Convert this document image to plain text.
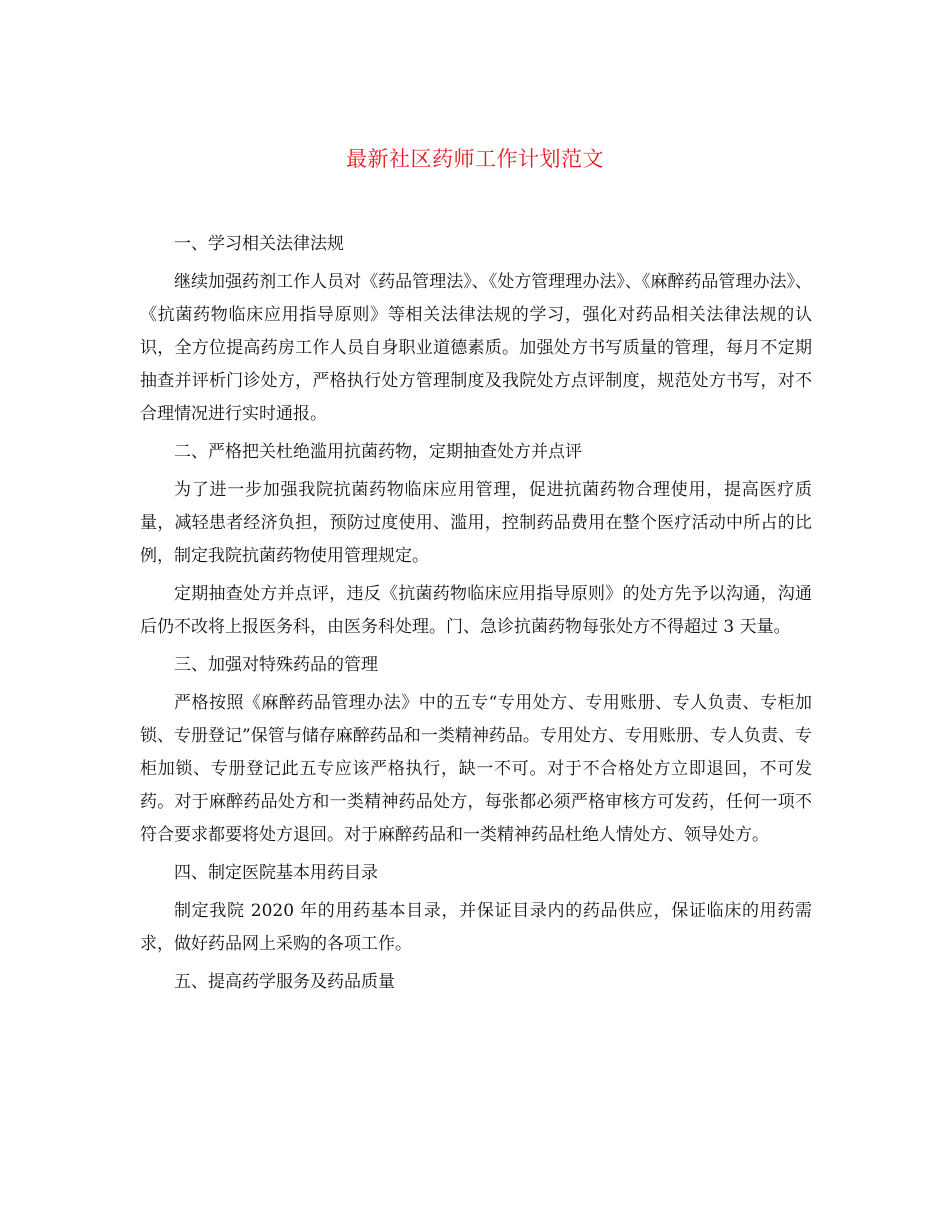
最新社区药师工作计划范文

一、学习相关法律法规

继续加强药剂工作人员对《药品管理法》、《处方管理理办法》、《麻醉药品管理办法》、《抗菌药物临床应用指导原则》等相关法律法规的学习，强化对药品相关法律法规的认识，全方位提高药房工作人员自身职业道德素质。加强处方书写质量的管理，每月不定期抽查并评析门诊处方，严格执行处方管理制度及我院处方点评制度，规范处方书写，对不合理情况进行实时通报。

二、严格把关杜绝滥用抗菌药物，定期抽查处方并点评

为了进一步加强我院抗菌药物临床应用管理，促进抗菌药物合理使用，提高医疗质量，减轻患者经济负担，预防过度使用、滥用，控制药品费用在整个医疗活动中所占的比例，制定我院抗菌药物使用管理规定。

定期抽查处方并点评，违反《抗菌药物临床应用指导原则》的处方先予以沟通，沟通后仍不改将上报医务科，由医务科处理。门、急诊抗菌药物每张处方不得超过 3 天量。

三、加强对特殊药品的管理

严格按照《麻醉药品管理办法》中的五专“专用处方、专用账册、专人负责、专柜加锁、专册登记”保管与储存麻醉药品和一类精神药品。专用处方、专用账册、专人负责、专柜加锁、专册登记此五专应该严格执行，缺一不可。对于不合格处方立即退回，不可发药。对于麻醉药品处方和一类精神药品处方，每张都必须严格审核方可发药，任何一项不符合要求都要将处方退回。对于麻醉药品和一类精神药品杜绝人情处方、领导处方。

四、制定医院基本用药目录

制定我院 2020 年的用药基本目录，并保证目录内的药品供应，保证临床的用药需求，做好药品网上采购的各项工作。

五、提高药学服务及药品质量
